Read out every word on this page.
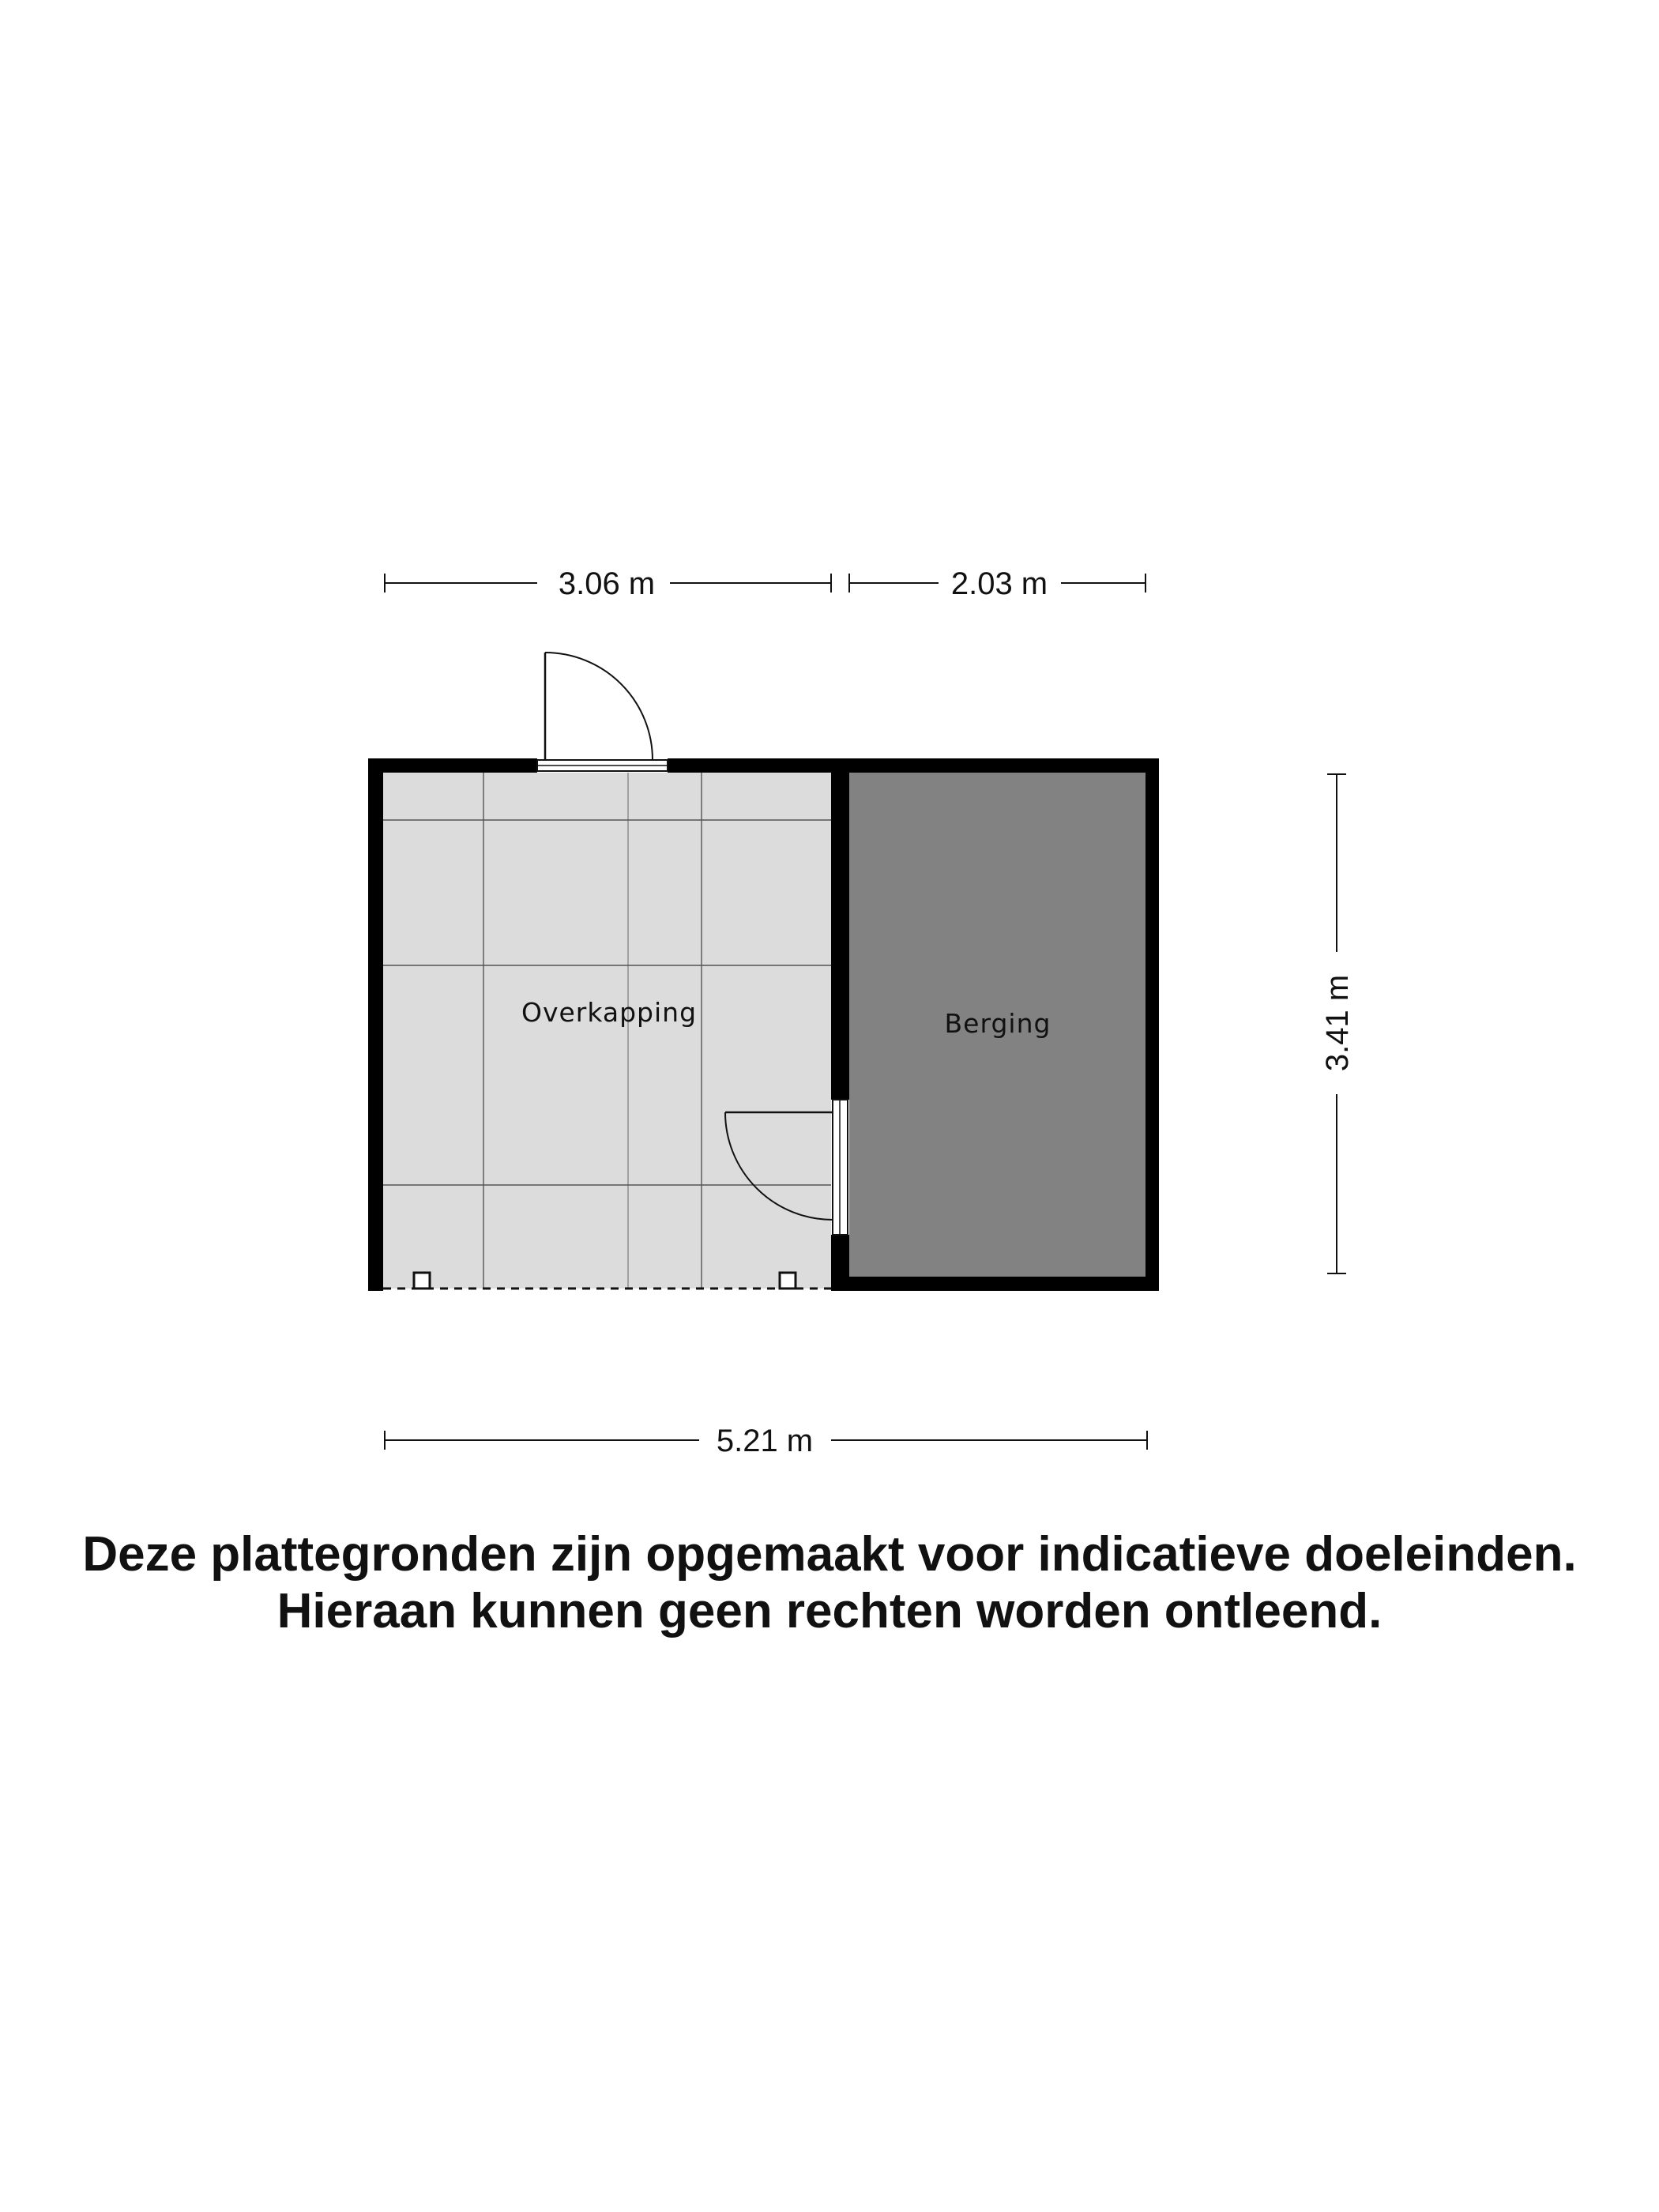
3.06 m	2.03 m
3.41 m
5.21 m
Overkapping	Berging
Deze plattegronden zijn opgemaakt voor indicatieve doeleinden.
Hieraan kunnen geen rechten worden ontleend.
